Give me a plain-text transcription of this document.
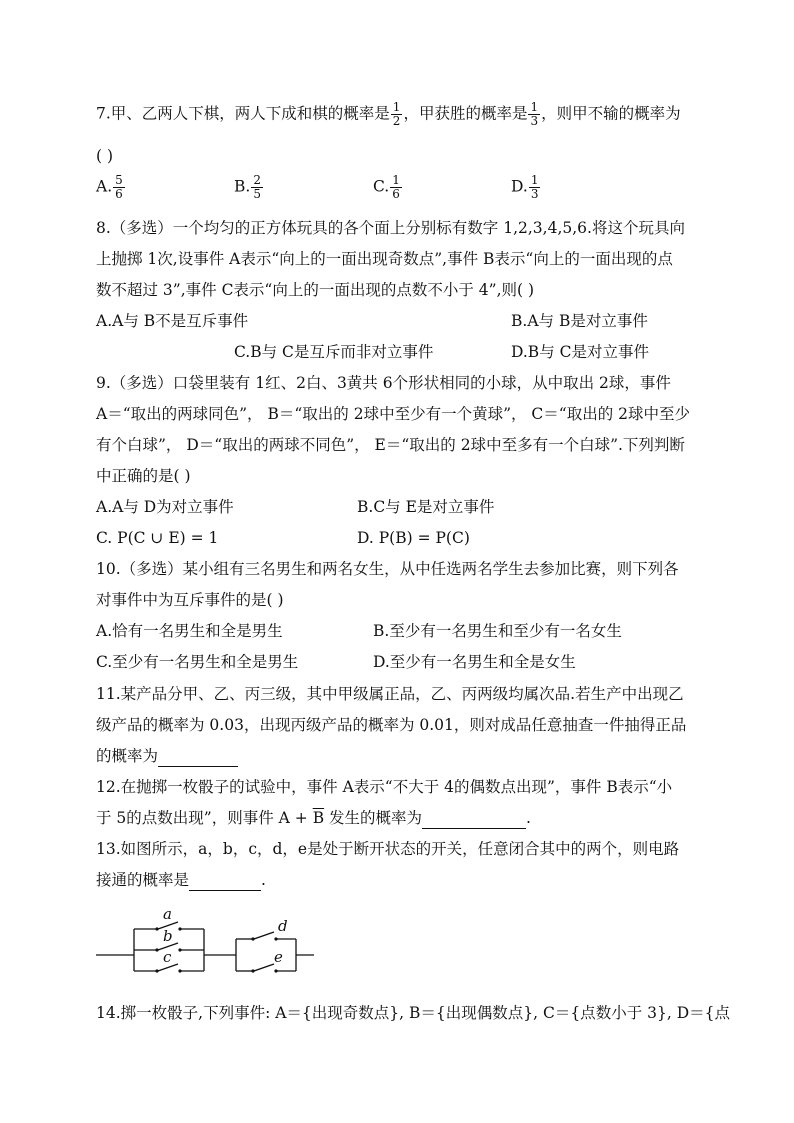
7.甲、乙两人下棋，两人下成和棋的概率是 $\frac{1}{2}$ ，甲获胜的概率是 $\frac{1}{3}$ ，则甲不输的概率为
( )
A. $\frac{5}{6}$	B. $\frac{2}{5}$	C. $\frac{1}{6}$	D. $\frac{1}{3}$
8.（多选）一个均匀的正方体玩具的各个面上分别标有数字 1,2,3,4,5,6.将这个玩具向
上抛掷 1次,设事件 A表示“向上的一面出现奇数点”,事件 B表示“向上的一面出现的点
数不超过 3”,事件 C表示“向上的一面出现的点数不小于 4”,则( )
A.A与 B不是互斥事件	B.A与 B是对立事件
C.B与 C是互斥而非对立事件	D.B与 C是对立事件
9.（多选）口袋里装有 1红、2白、3黄共 6个形状相同的小球，从中取出 2球，事件
A＝“取出的两球同色”， B＝“取出的 2球中至少有一个黄球”， C＝“取出的 2球中至少
有个白球”， D＝“取出的两球不同色”， E＝“取出的 2球中至多有一个白球”.下列判断
中正确的是( )
A.A与 D为对立事件	B.C与 E是对立事件
C. P(C ∪ E) = 1	D. P(B) = P(C)
10.（多选）某小组有三名男生和两名女生，从中任选两名学生去参加比赛，则下列各
对事件中为互斥事件的是( )
A.恰有一名男生和全是男生	B.至少有一名男生和至少有一名女生
C.至少有一名男生和全是男生	D.至少有一名男生和全是女生
11.某产品分甲、乙、丙三级，其中甲级属正品，乙、丙两级均属次品.若生产中出现乙
级产品的概率为 0.03，出现丙级产品的概率为 0.01，则对成品任意抽查一件抽得正品
的概率为
12.在抛掷一枚骰子的试验中，事件 A表示“不大于 4的偶数点出现”，事件 B表示“小
于 5的点数出现”，则事件 $A + \overline{B}$ 发生的概率为	.
13.如图所示，a，b，c，d，e是处于断开状态的开关，任意闭合其中的两个，则电路
接通的概率是	.
a
b
c
d
e
14.掷一枚骰子,下列事件: A＝{出现奇数点}, B＝{出现偶数点}, C＝{点数小于 3}, D＝{点
